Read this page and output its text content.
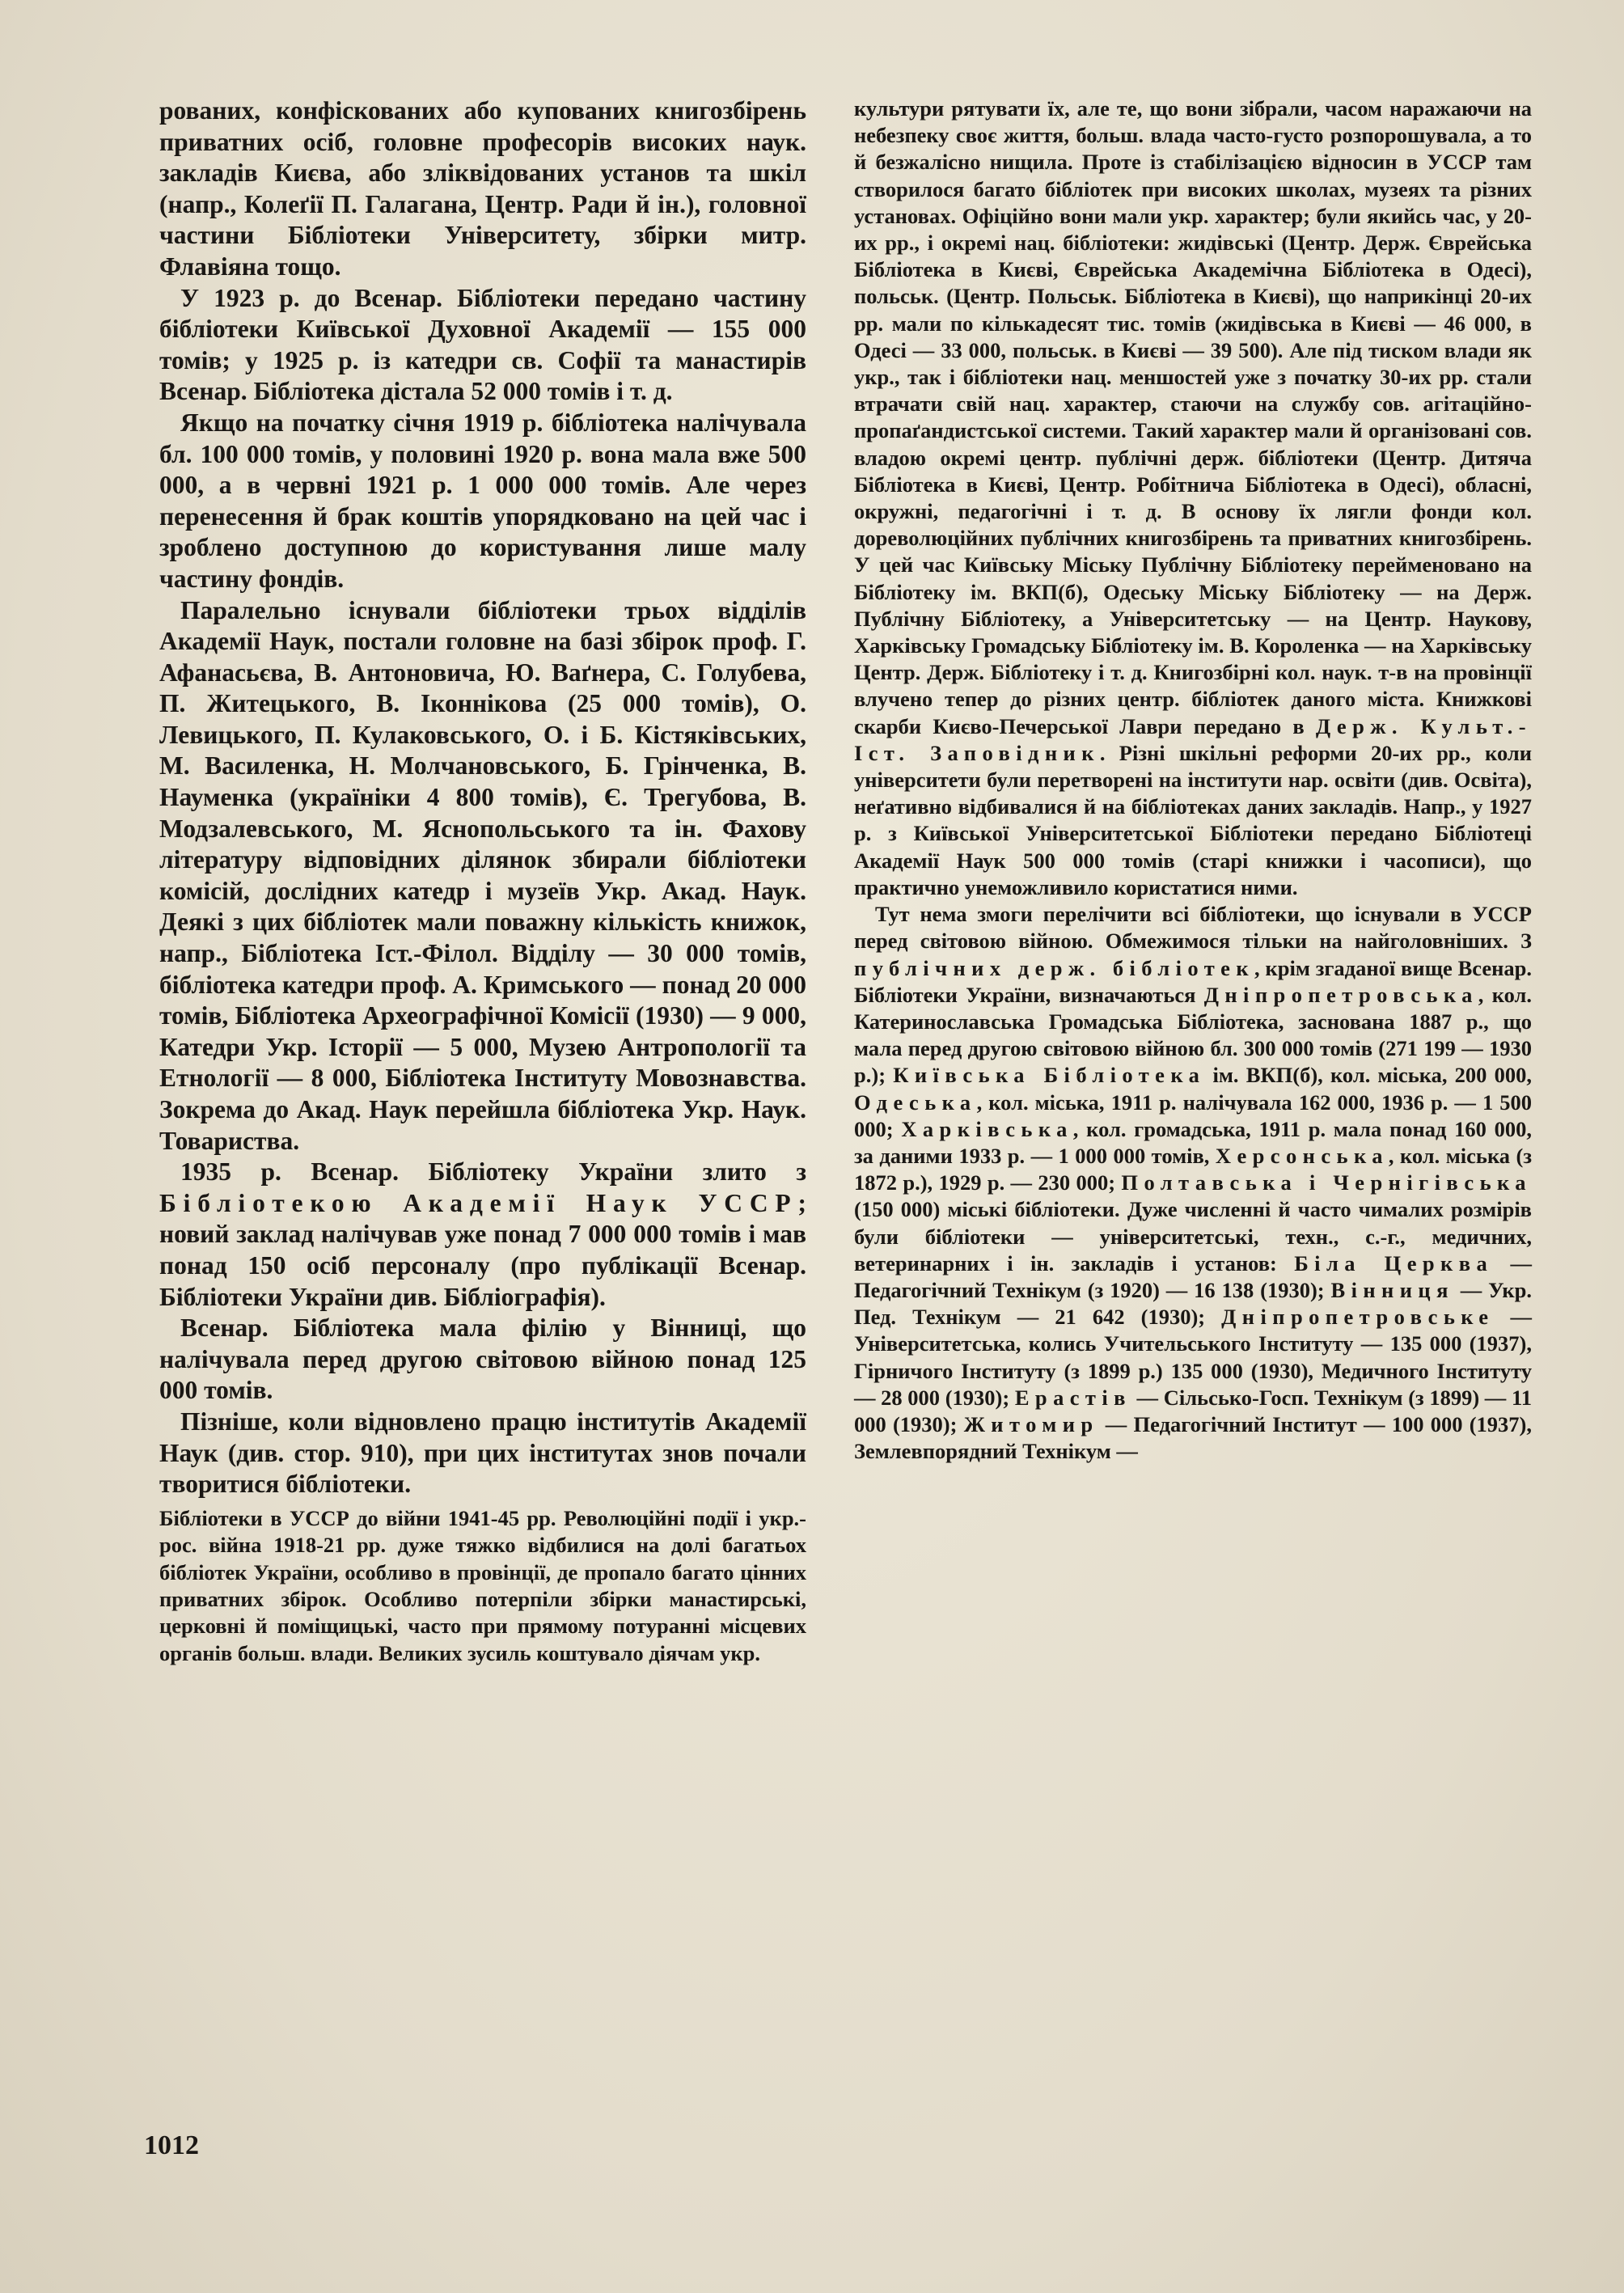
рованих, конфіскованих або купованих книгозбірень приватних осіб, головне професорів високих наук. закладів Києва, або зліквідованих установ та шкіл (напр., Колеґії П. Галагана, Центр. Ради й ін.), головної частини Бібліотеки Університету, збірки митр. Флавіяна тощо.

У 1923 р. до Всенар. Бібліотеки передано частину бібліотеки Київської Духовної Академії — 155 000 томів; у 1925 р. із катедри св. Софії та манастирів Всенар. Бібліотека дістала 52 000 томів і т. д.

Якщо на початку січня 1919 р. бібліотека налічувала бл. 100 000 томів, у половині 1920 р. вона мала вже 500 000, а в червні 1921 р. 1 000 000 томів. Але через перенесення й брак коштів упорядковано на цей час і зроблено доступною до користування лише малу частину фондів.

Паралельно існували бібліотеки трьох відділів Академії Наук, постали головне на базі збірок проф. Г. Афанасьєва, В. Антоновича, Ю. Ваґнера, С. Голубева, П. Житецького, В. Іконнікова (25 000 томів), О. Левицького, П. Кулаковського, О. і Б. Кістяківських, М. Василенка, Н. Молчановського, Б. Грінченка, В. Науменка (україніки 4 800 томів), Є. Трегубова, В. Модзалевського, М. Яснопольського та ін. Фахову літературу відповідних ділянок збирали бібліотеки комісій, дослідних катедр і музеїв Укр. Акад. Наук. Деякі з цих бібліотек мали поважну кількість книжок, напр., Бібліотека Іст.-Філол. Відділу — 30 000 томів, бібліотека катедри проф. А. Кримського — понад 20 000 томів, Бібліотека Археографічної Комісії (1930) — 9 000, Катедри Укр. Історії — 5 000, Музею Антропології та Етнології — 8 000, Бібліотека Інституту Мовознавства. Зокрема до Акад. Наук перейшла бібліотека Укр. Наук. Товариства.

1935 р. Всенар. Бібліотеку України злито з Бібліотекою Академії Наук УССР; новий заклад налічував уже понад 7 000 000 томів і мав понад 150 осіб персоналу (про публікації Всенар. Бібліотеки України див. Бібліографія).

Всенар. Бібліотека мала філію у Вінниці, що налічувала перед другою світовою війною понад 125 000 томів.

Пізніше, коли відновлено працю інститутів Академії Наук (див. стор. 910), при цих інститутах знов почали творитися бібліотеки.

Бібліотеки в УССР до війни 1941-45 рр. Революційні події і укр.-рос. війна 1918-21 рр. дуже тяжко відбилися на долі багатьох бібліотек України, особливо в провінції, де пропало багато цінних приватних збірок. Особливо потерпіли збірки манастирські, церковні й поміщицькі, часто при прямому потуранні місцевих органів больш. влади. Великих зусиль коштувало діячам укр.

культури рятувати їх, але те, що вони зібрали, часом наражаючи на небезпеку своє життя, больш. влада часто-густо розпорошувала, а то й безжалісно нищила. Проте із стабілізацією відносин в УССР там створилося багато бібліотек при високих школах, музеях та різних установах. Офіційно вони мали укр. характер; були якийсь час, у 20-их рр., і окремі нац. бібліотеки: жидівські (Центр. Держ. Єврейська Бібліотека в Києві, Єврейська Академічна Бібліотека в Одесі), польськ. (Центр. Польськ. Бібліотека в Києві), що наприкінці 20-их рр. мали по кількадесят тис. томів (жидівська в Києві — 46 000, в Одесі — 33 000, польськ. в Києві — 39 500). Але під тиском влади як укр., так і бібліотеки нац. меншостей уже з початку 30-их рр. стали втрачати свій нац. характер, стаючи на службу сов. агітаційно-пропаґандистської системи. Такий характер мали й організовані сов. владою окремі центр. публічні держ. бібліотеки (Центр. Дитяча Бібліотека в Києві, Центр. Робітнича Бібліотека в Одесі), обласні, окружні, педагогічні і т. д. В основу їх лягли фонди кол. дореволюційних публічних книгозбірень та приватних книгозбірень. У цей час Київську Міську Публічну Бібліотеку перейменовано на Бібліотеку ім. ВКП(б), Одеську Міську Бібліотеку — на Держ. Публічну Бібліотеку, а Університетську — на Центр. Наукову, Харківську Громадську Бібліотеку ім. В. Короленка — на Харківську Центр. Держ. Бібліотеку і т. д. Книгозбірні кол. наук. т-в на провінції влучено тепер до різних центр. бібліотек даного міста. Книжкові скарби Києво-Печерської Лаври передано в Держ. Культ.-Іст. Заповідник. Різні шкільні реформи 20-их рр., коли університети були перетворені на інститути нар. освіти (див. Освіта), неґативно відбивалися й на бібліотеках даних закладів. Напр., у 1927 р. з Київської Університетської Бібліотеки передано Бібліотеці Академії Наук 500 000 томів (старі книжки і часописи), що практично унеможливило користатися ними.

Тут нема змоги перелічити всі бібліотеки, що існували в УССР перед світовою війною. Обмежимося тільки на найголовніших. З публічних держ. бібліотек, крім згаданої вище Всенар. Бібліотеки України, визначаються Дніпропетровська, кол. Катеринославська Громадська Бібліотека, заснована 1887 р., що мала перед другою світовою війною бл. 300 000 томів (271 199 — 1930 р.); Київська Бібліотека ім. ВКП(б), кол. міська, 200 000, Одеська, кол. міська, 1911 р. налічувала 162 000, 1936 р. — 1 500 000; Харківська, кол. громадська, 1911 р. мала понад 160 000, за даними 1933 р. — 1 000 000 томів, Херсонська, кол. міська (з 1872 р.), 1929 р. — 230 000; Полтавська і Чернігівська (150 000) міські бібліотеки. Дуже численні й часто чималих розмірів були бібліотеки — університетські, техн., с.-г., медичних, ветеринарних і ін. закладів і установ: Біла Церква — Педагогічний Технікум (з 1920) — 16 138 (1930); Вінниця — Укр. Пед. Технікум — 21 642 (1930); Дніпропетровське — Університетська, колись Учительського Інституту — 135 000 (1937), Гірничого Інституту (з 1899 р.) 135 000 (1930), Медичного Інституту — 28 000 (1930); Ерастів — Сільсько-Госп. Технікум (з 1899) — 11 000 (1930); Житомир — Педагогічний Інститут — 100 000 (1937), Землевпорядний Технікум —

1012
